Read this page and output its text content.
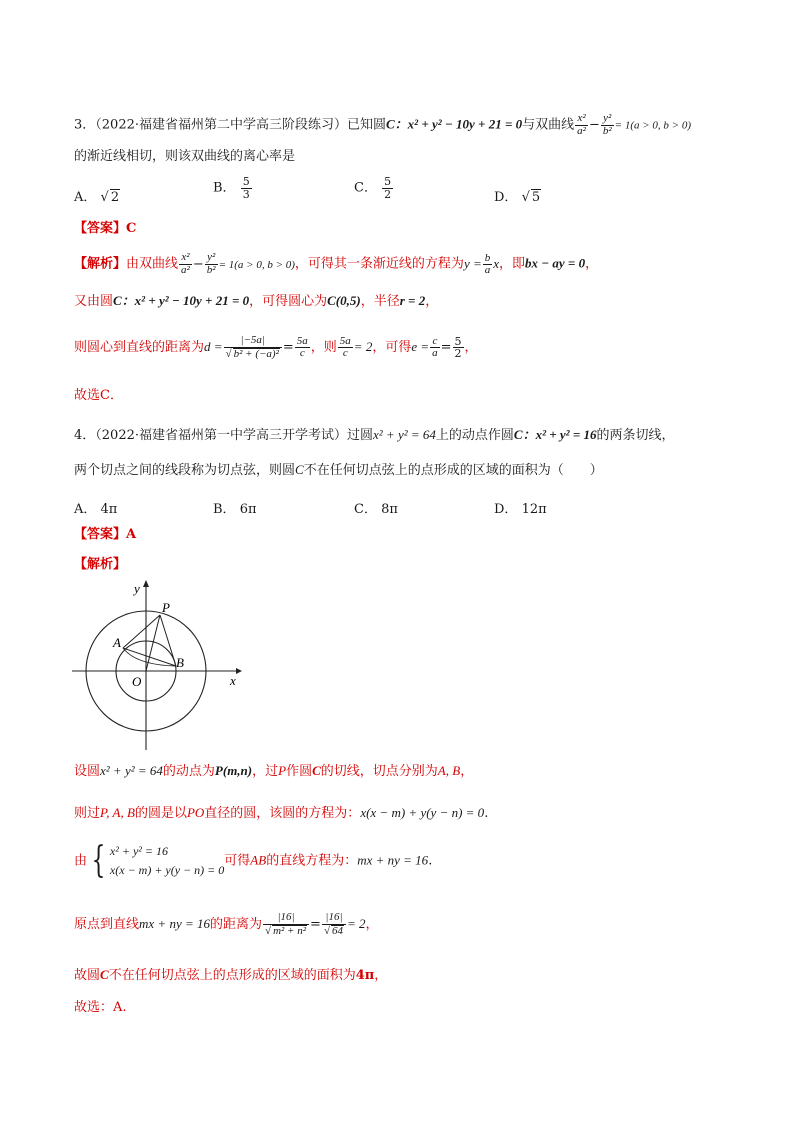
3．（2022·福建省福州第二中学高三阶段练习）已知圆C：x² + y² − 10y + 21 = 0与双曲线 $\frac{\text{x²}}{\text{a²}} - \frac{\text{y²}}{\text{b²}} = 1(a > 0$, b > 0)
的渐近线相切，则该双曲线的离心率是
A． √ 2
B． $\frac{5}{3}$	C． $\frac{5}{2}$	D． √ 5
【答案】C
【解析】由双曲线 $\frac{\text{x²}}{\text{a²}} - \frac{\text{y²}}{\text{b²}} = 1(a > 0$, b > 0)，可得其一条渐近线的方程为$y = \frac{b}{a}$ x，即bx − ay = 0，
又由圆C：x² + y² − 10y + 21 = 0，可得圆心为C(0,5)，半径r = 2，
则圆心到直线的距离为$d = \frac{|-5a|}{\text{√ b² + (−a)²}} = \frac{5a}{c}$ ，则 $\frac{5a}{c} = 2$，可得$e = \frac{c}{a} = \frac{5}{2}$ ，
故选C．
4．（2022·福建省福州第一中学高三开学考试）过圆x² + y² = 64上的动点作圆C：x² + y² = 16的两条切线，
两个切点之间的线段称为切点弦，则圆C不在任何切点弦上的点形成的区域的面积为（　　）
A． 4π	B． 6π	C． 8π	D． 12π
【答案】A
【解析】
y
x
P
A
B
O
设圆x² + y² = 64的动点为P(m,n)，过P作圆C的切线，切点分别为A, B，
则过P, A, B的圆是以PO直径的圆，该圆的方程为：x(x − m) + y(y − n) = 0.
由 { x² + y² = 16
x(x − m) + y(y − n) = 0
可得AB的直线方程为：mx + ny = 16.
原点到直线mx + ny = 16的距离为 $\frac{|16|}{\text{√ m² + n²}} = \frac{|16|}{√ 64} = 2$，
故圆C不在任何切点弦上的点形成的区域的面积为4π，
故选：A.
